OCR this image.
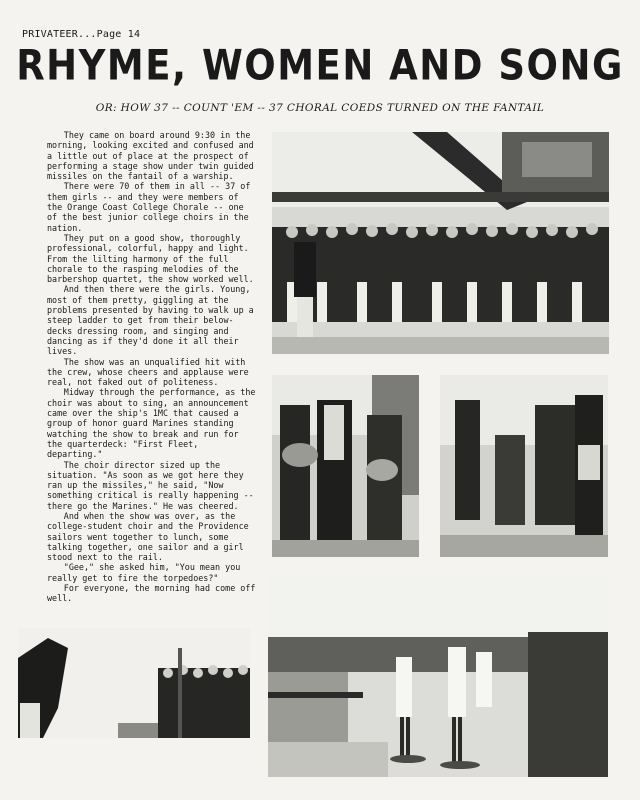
PRIVATEER...Page 14
RHYME, WOMEN AND SONG
OR: HOW 37 -- COUNT 'EM -- 37 CHORAL COEDS TURNED ON THE FANTAIL

They came on board around 9:30 in the morning, looking excited and confused and a little out of place at the prospect of performing a stage show under twin guided missiles on the fantail of a warship.

There were 70 of them in all -- 37 of them girls -- and they were members of the Orange Coast College Chorale -- one of the best junior college choirs in the nation.

They put on a good show, thoroughly professional, colorful, happy and light. From the lilting harmony of the full chorale to the rasping melodies of the barbershop quartet, the show worked well.

And then there were the girls. Young, most of them pretty, giggling at the problems presented by having to walk up a steep ladder to get from their below-decks dressing room, and singing and dancing as if they'd done it all their lives.

The show was an unqualified hit with the crew, whose cheers and applause were real, not faked out of politeness.

Midway through the performance, as the choir was about to sing, an announcement came over the ship's 1MC that caused a group of honor guard Marines standing watching the show to break and run for the quarterdeck: "First Fleet, departing."

The choir director sized up the situation. "As soon as we got here they ran up the missiles," he said, "Now something critical is really happening -- there go the Marines." He was cheered.

And when the show was over, as the college-student choir and the Providence sailors went together to lunch, some talking together, one sailor and a girl stood next to the rail.

"Gee," she asked him, "You mean you really get to fire the torpedoes?"

For everyone, the morning had come off well.
